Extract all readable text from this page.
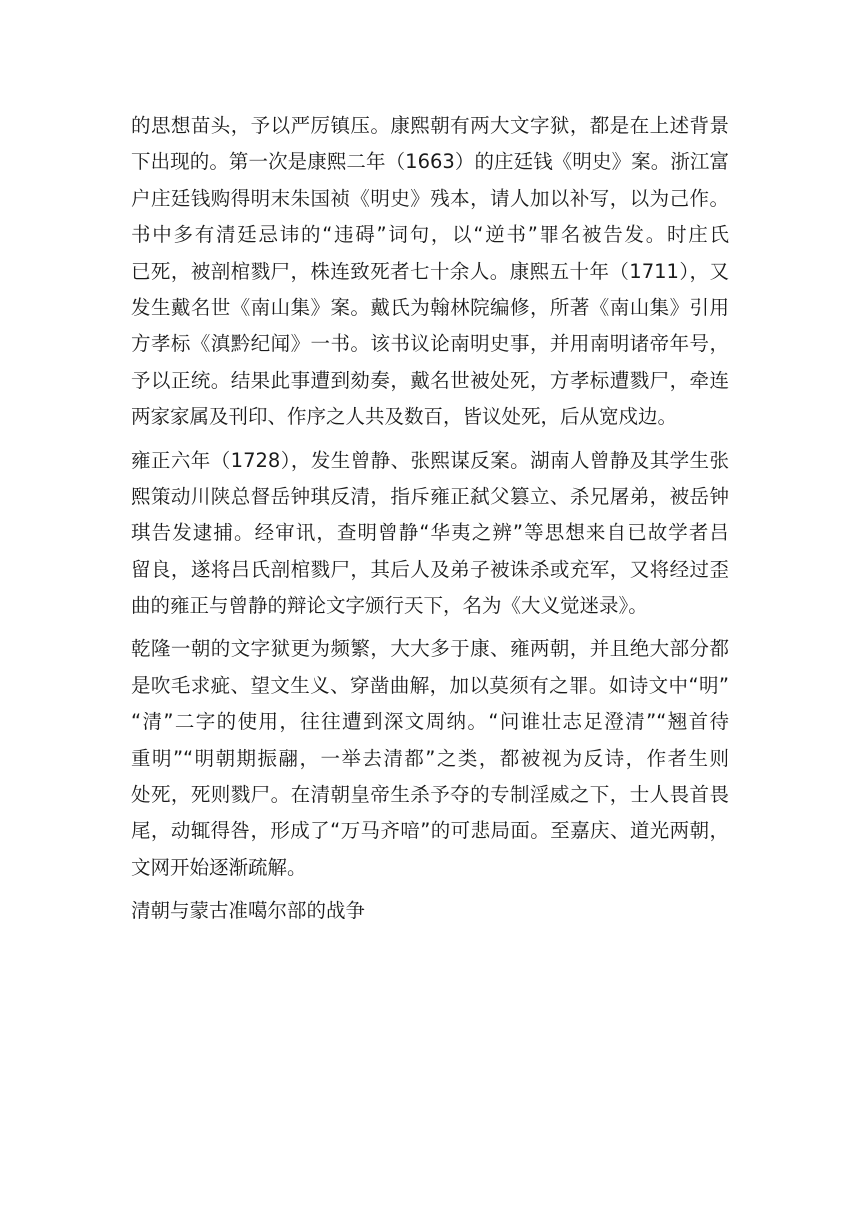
的思想苗头，予以严厉镇压。康熙朝有两大文字狱，都是在上述背景
下出现的。第一次是康熙二年（1663）的庄廷钱《明史》案。浙江富
户庄廷钱购得明末朱国祯《明史》残本，请人加以补写，以为己作。
书中多有清廷忌讳的“违碍”词句，以“逆书”罪名被告发。时庄氏
已死，被剖棺戮尸，株连致死者七十余人。康熙五十年（1711），又
发生戴名世《南山集》案。戴氏为翰林院编修，所著《南山集》引用
方孝标《滇黔纪闻》一书。该书议论南明史事，并用南明诸帝年号，
予以正统。结果此事遭到劾奏，戴名世被处死，方孝标遭戮尸，牵连
两家家属及刊印、作序之人共及数百，皆议处死，后从宽戍边。
雍正六年（1728），发生曾静、张熙谋反案。湖南人曾静及其学生张
熙策动川陕总督岳钟琪反清，指斥雍正弑父篡立、杀兄屠弟，被岳钟
琪告发逮捕。经审讯，查明曾静“华夷之辨”等思想来自已故学者吕
留良，遂将吕氏剖棺戮尸，其后人及弟子被诛杀或充军，又将经过歪
曲的雍正与曾静的辩论文字颁行天下，名为《大义觉迷录》。
乾隆一朝的文字狱更为频繁，大大多于康、雍两朝，并且绝大部分都
是吹毛求疵、望文生义、穿凿曲解，加以莫须有之罪。如诗文中“明”
“清”二字的使用，往往遭到深文周纳。“问谁壮志足澄清”“翘首待
重明”“明朝期振翮，一举去清都”之类，都被视为反诗，作者生则
处死，死则戮尸。在清朝皇帝生杀予夺的专制淫威之下，士人畏首畏
尾，动辄得咎，形成了“万马齐喑”的可悲局面。至嘉庆、道光两朝，
文网开始逐渐疏解。
清朝与蒙古准噶尔部的战争
